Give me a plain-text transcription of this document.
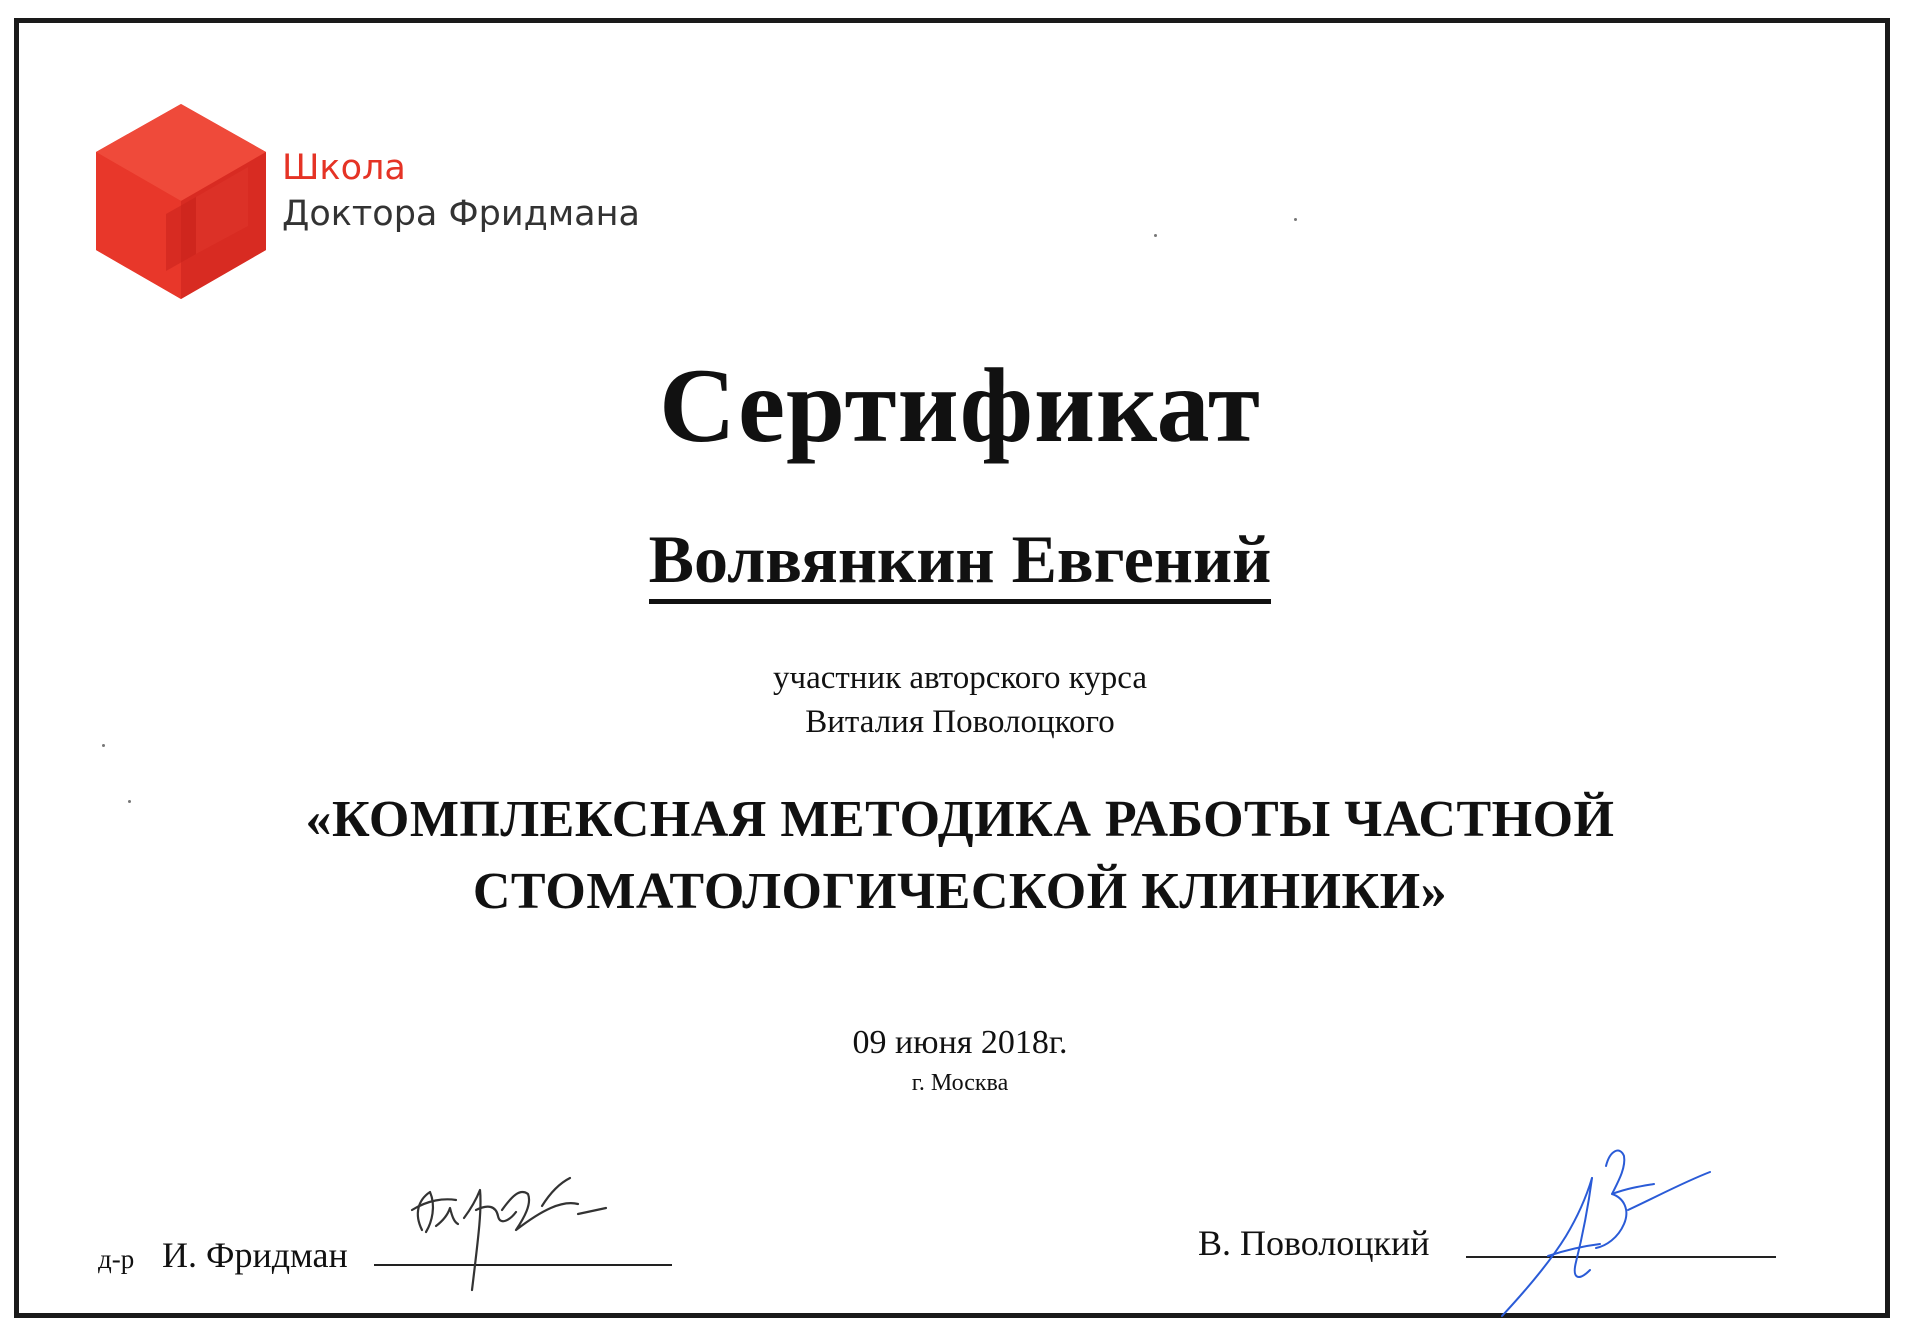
Школа
Доктора Фридмана
Сертификат
Волвянкин Евгений
участник авторского курса
Виталия Поволоцкого
«КОМПЛЕКСНАЯ МЕТОДИКА РАБОТЫ ЧАСТНОЙ
СТОМАТОЛОГИЧЕСКОЙ КЛИНИКИ»
09 июня 2018г.
г. Москва
д-р И. Фридман	В. Поволоцкий
